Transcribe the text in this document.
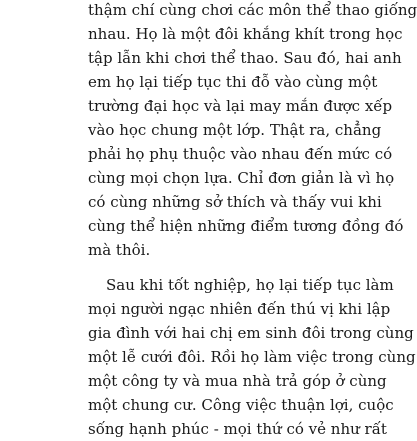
thậm chí cùng chơi các môn thể thao giống
nhau. Họ là một đôi khắng khít trong học
tập lẫn khi chơi thể thao. Sau đó, hai anh
em họ lại tiếp tục thi đỗ vào cùng một
trường đại học và lại may mắn được xếp
vào học chung một lớp. Thật ra, chẳng
phải họ phụ thuộc vào nhau đến mức có
cùng mọi chọn lựa. Chỉ đơn giản là vì họ
có cùng những sở thích và thấy vui khi
cùng thể hiện những điểm tương đồng đó
mà thôi.
Sau khi tốt nghiệp, họ lại tiếp tục làm
mọi người ngạc nhiên đến thú vị khi lập
gia đình với hai chị em sinh đôi trong cùng
một lễ cưới đôi. Rồi họ làm việc trong cùng
một công ty và mua nhà trả góp ở cùng
một chung cư. Công việc thuận lợi, cuộc
sống hạnh phúc - mọi thứ có vẻ như rất
